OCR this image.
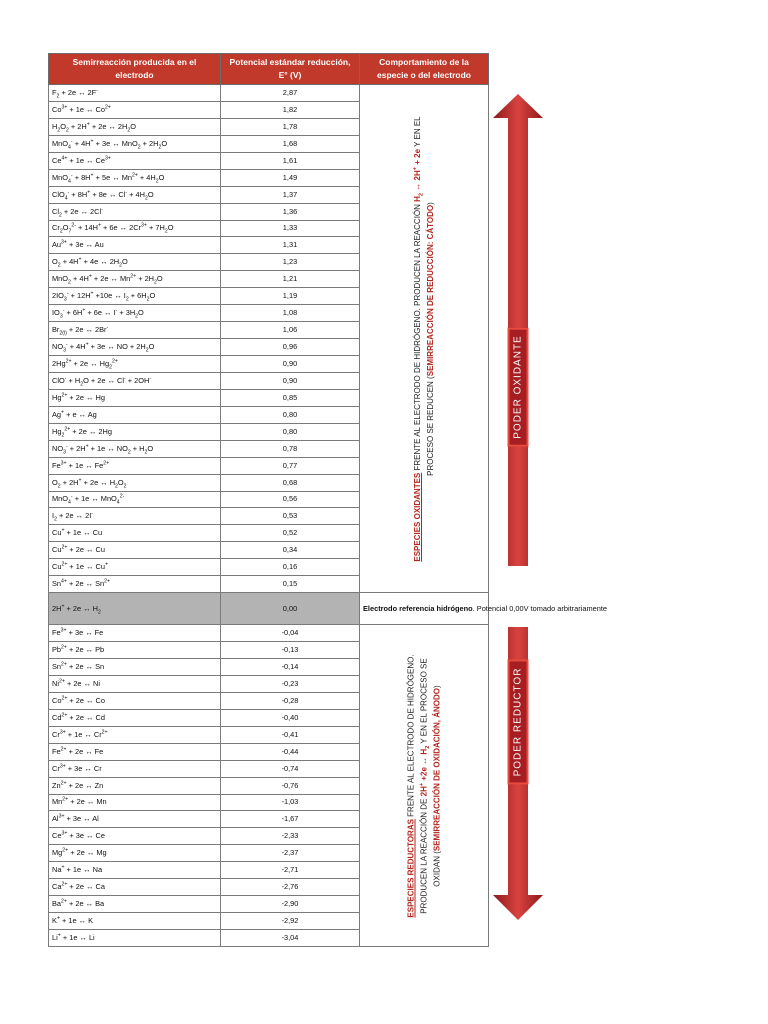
Semirreacción producida en el electrodo	Potencial estándar reducción, E° (V)	Comportamiento de la especie o del electrodo
$F_2 + 2e$ ↔ 2F-	2,87	ESPECIES OXIDANTES FRENTE AL ELECTRODO DE HIDRÓGENO. PRODUCEN LA REACCIÓN $H_2$ ↔ 2H+ + 2e Y EN EL PROCESO SE REDUCEN (SEMIRREACCIÓN DE REDUCCIÓN: CÁTODO)

$Co^{3+} + 1e$ ↔ $Co^{2+}$	1,82	
$H_2O_2 + 2H^+ + 2e$ ↔ $2H_2O$	1,78	
MnO$_4$- + 4H+ + 3e ↔ $MnO_2 + 2H_2O$	1,68	
$Ce^{4+} + 1e$ ↔ $Ce^{3+}$	1,61	
MnO$_4$- + 8H+ + 5e ↔ $Mn^{2+} + 4H_2O$	1,49	
ClO$_4$- + 8H+ + 8e ↔ $Cl^- + 4H_2O$	1,37	
$Cl_2 + 2e$ ↔ 2Cl-	1,36	
$Cr_2O_7^{2-} + 14H^+ + 6e$ ↔ $2Cr^{3+} + 7H_2O$	1,33	
$Au^{3+} + 3e$ ↔ Au	1,31	
$O_2 + 4H^+ + 4e$ ↔ $2H_2O$	1,23	
MnO$_2$ + 4H+ + 2e ↔ $Mn^{2+} + 2H_2O$	1,21	
$2IO_3^- + 12H^+ +10e$ ↔ $I_2 + 6H_2O$	1,19	
$IO_3^- + 6H^+ + 6e$ ↔ $I^- + 3H_2O$	1,08	
$Br_{2(l)} + 2e$ ↔ 2Br-	1,06	
$NO_3^- + 4H^+ + 3e$ ↔ NO + $2H_2O$	0,96	
$2Hg^{2+} + 2e$ ↔ $Hg_2^{2+}$	0,90	
$ClO^- + H_2O + 2e$ ↔ Cl- + 2OH-	0,90	
$Hg^{2+} + 2e$ ↔ Hg	0,85	
Ag+ + e ↔ Ag	0,80	
$Hg_2^{2+} + 2e$ ↔ 2Hg	0,80	
$NO_3^- + 2H^+ + 1e$ ↔ $NO_2 + H_2O$	0,78	
$Fe^{3+} + 1e$ ↔ $Fe^{2+}$	0,77	
$O_2 + 2H^+ + 2e$ ↔ $H_2O_2$	0,68	
MnO$_4$- + 1e ↔ MnO$_4^{2-}$	0,56	
$I_2 + 2e$ ↔ 2I-	0,53	
Cu+ + 1e ↔ Cu	0,52	
$Cu^{2+} + 2e$ ↔ Cu	0,34	
$Cu^{2+} + 1e$ ↔ Cu+	0,16	
$Sn^{4+} + 2e$ ↔ $Sn^{2+}$	0,15	
2H+ + 2e ↔ $H_2$	0,00	Electrodo referencia hidrógeno. Potencial 0,00V tomado arbitrariamente
$Fe^{3+} + 3e$ ↔ Fe	-0,04	ESPECIES REDUCTORAS FRENTE AL ELECTRODO DE HIDRÓGENO. PRODUCEN LA REACCIÓN DE 2H+ +2e ↔ $H_2$ Y EN EL PROCESO SE OXIDAN (SEMIRREACCIÓN DE OXIDACIÓN, ÁNODO)

$Pb^{2+} + 2e$ ↔ Pb	-0,13	
$Sn^{2+} + 2e$ ↔ Sn	-0,14	
$Ni^{2+} + 2e$ ↔ Ni	-0,23	
$Co^{2+} + 2e$ ↔ Co	-0,28	
$Cd^{2+} + 2e$ ↔ Cd	-0,40	
$Cr^{3+} + 1e$ ↔ $Cr^{2+}$	-0,41	
$Fe^{2+} + 2e$ ↔ Fe	-0,44	
$Cr^{3+} + 3e$ ↔ Cr	-0,74	
$Zn^{2+} + 2e$ ↔ Zn	-0,76	
$Mn^{2+} + 2e$ ↔ Mn	-1,03	
$Al^{3+} + 3e$ ↔ Al	-1,67	
$Ce^{3+} + 3e$ ↔ Ce	-2,33	
$Mg^{2+} + 2e$ ↔ Mg	-2,37	
Na+ + 1e ↔ Na	-2,71	
$Ca^{2+} + 2e$ ↔ Ca	-2,76	
$Ba^{2+} + 2e$ ↔ Ba	-2,90	
K+ + 1e ↔ K	-2,92	
Li+ + 1e ↔ Li	-3,04	
PODER OXIDANTE
PODER REDUCTOR
